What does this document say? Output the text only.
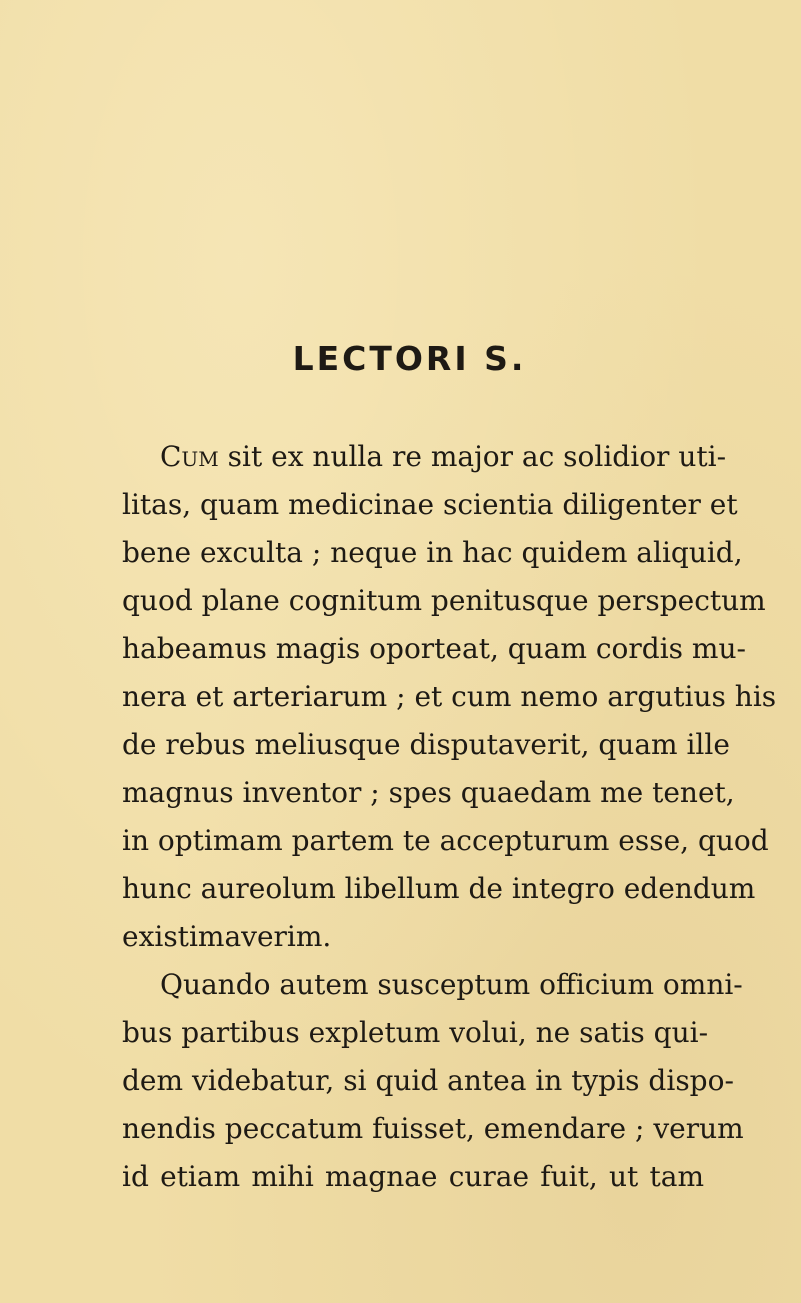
LECTORI S.
Cum sit ex nulla re major ac solidior uti-
litas, quam medicinae scientia diligenter et
bene exculta ; neque in hac quidem aliquid,
quod plane cognitum penitusque perspectum
habeamus magis oporteat, quam cordis mu-
nera et arteriarum ; et cum nemo argutius his
de rebus meliusque disputaverit, quam ille
magnus inventor ; spes quaedam me tenet,
in optimam partem te accepturum esse, quod
hunc aureolum libellum de integro edendum
existimaverim.
Quando autem susceptum officium omni-
bus partibus expletum volui, ne satis qui-
dem videbatur, si quid antea in typis dispo-
nendis peccatum fuisset, emendare ; verum
id etiam mihi magnae curae fuit, ut tam
